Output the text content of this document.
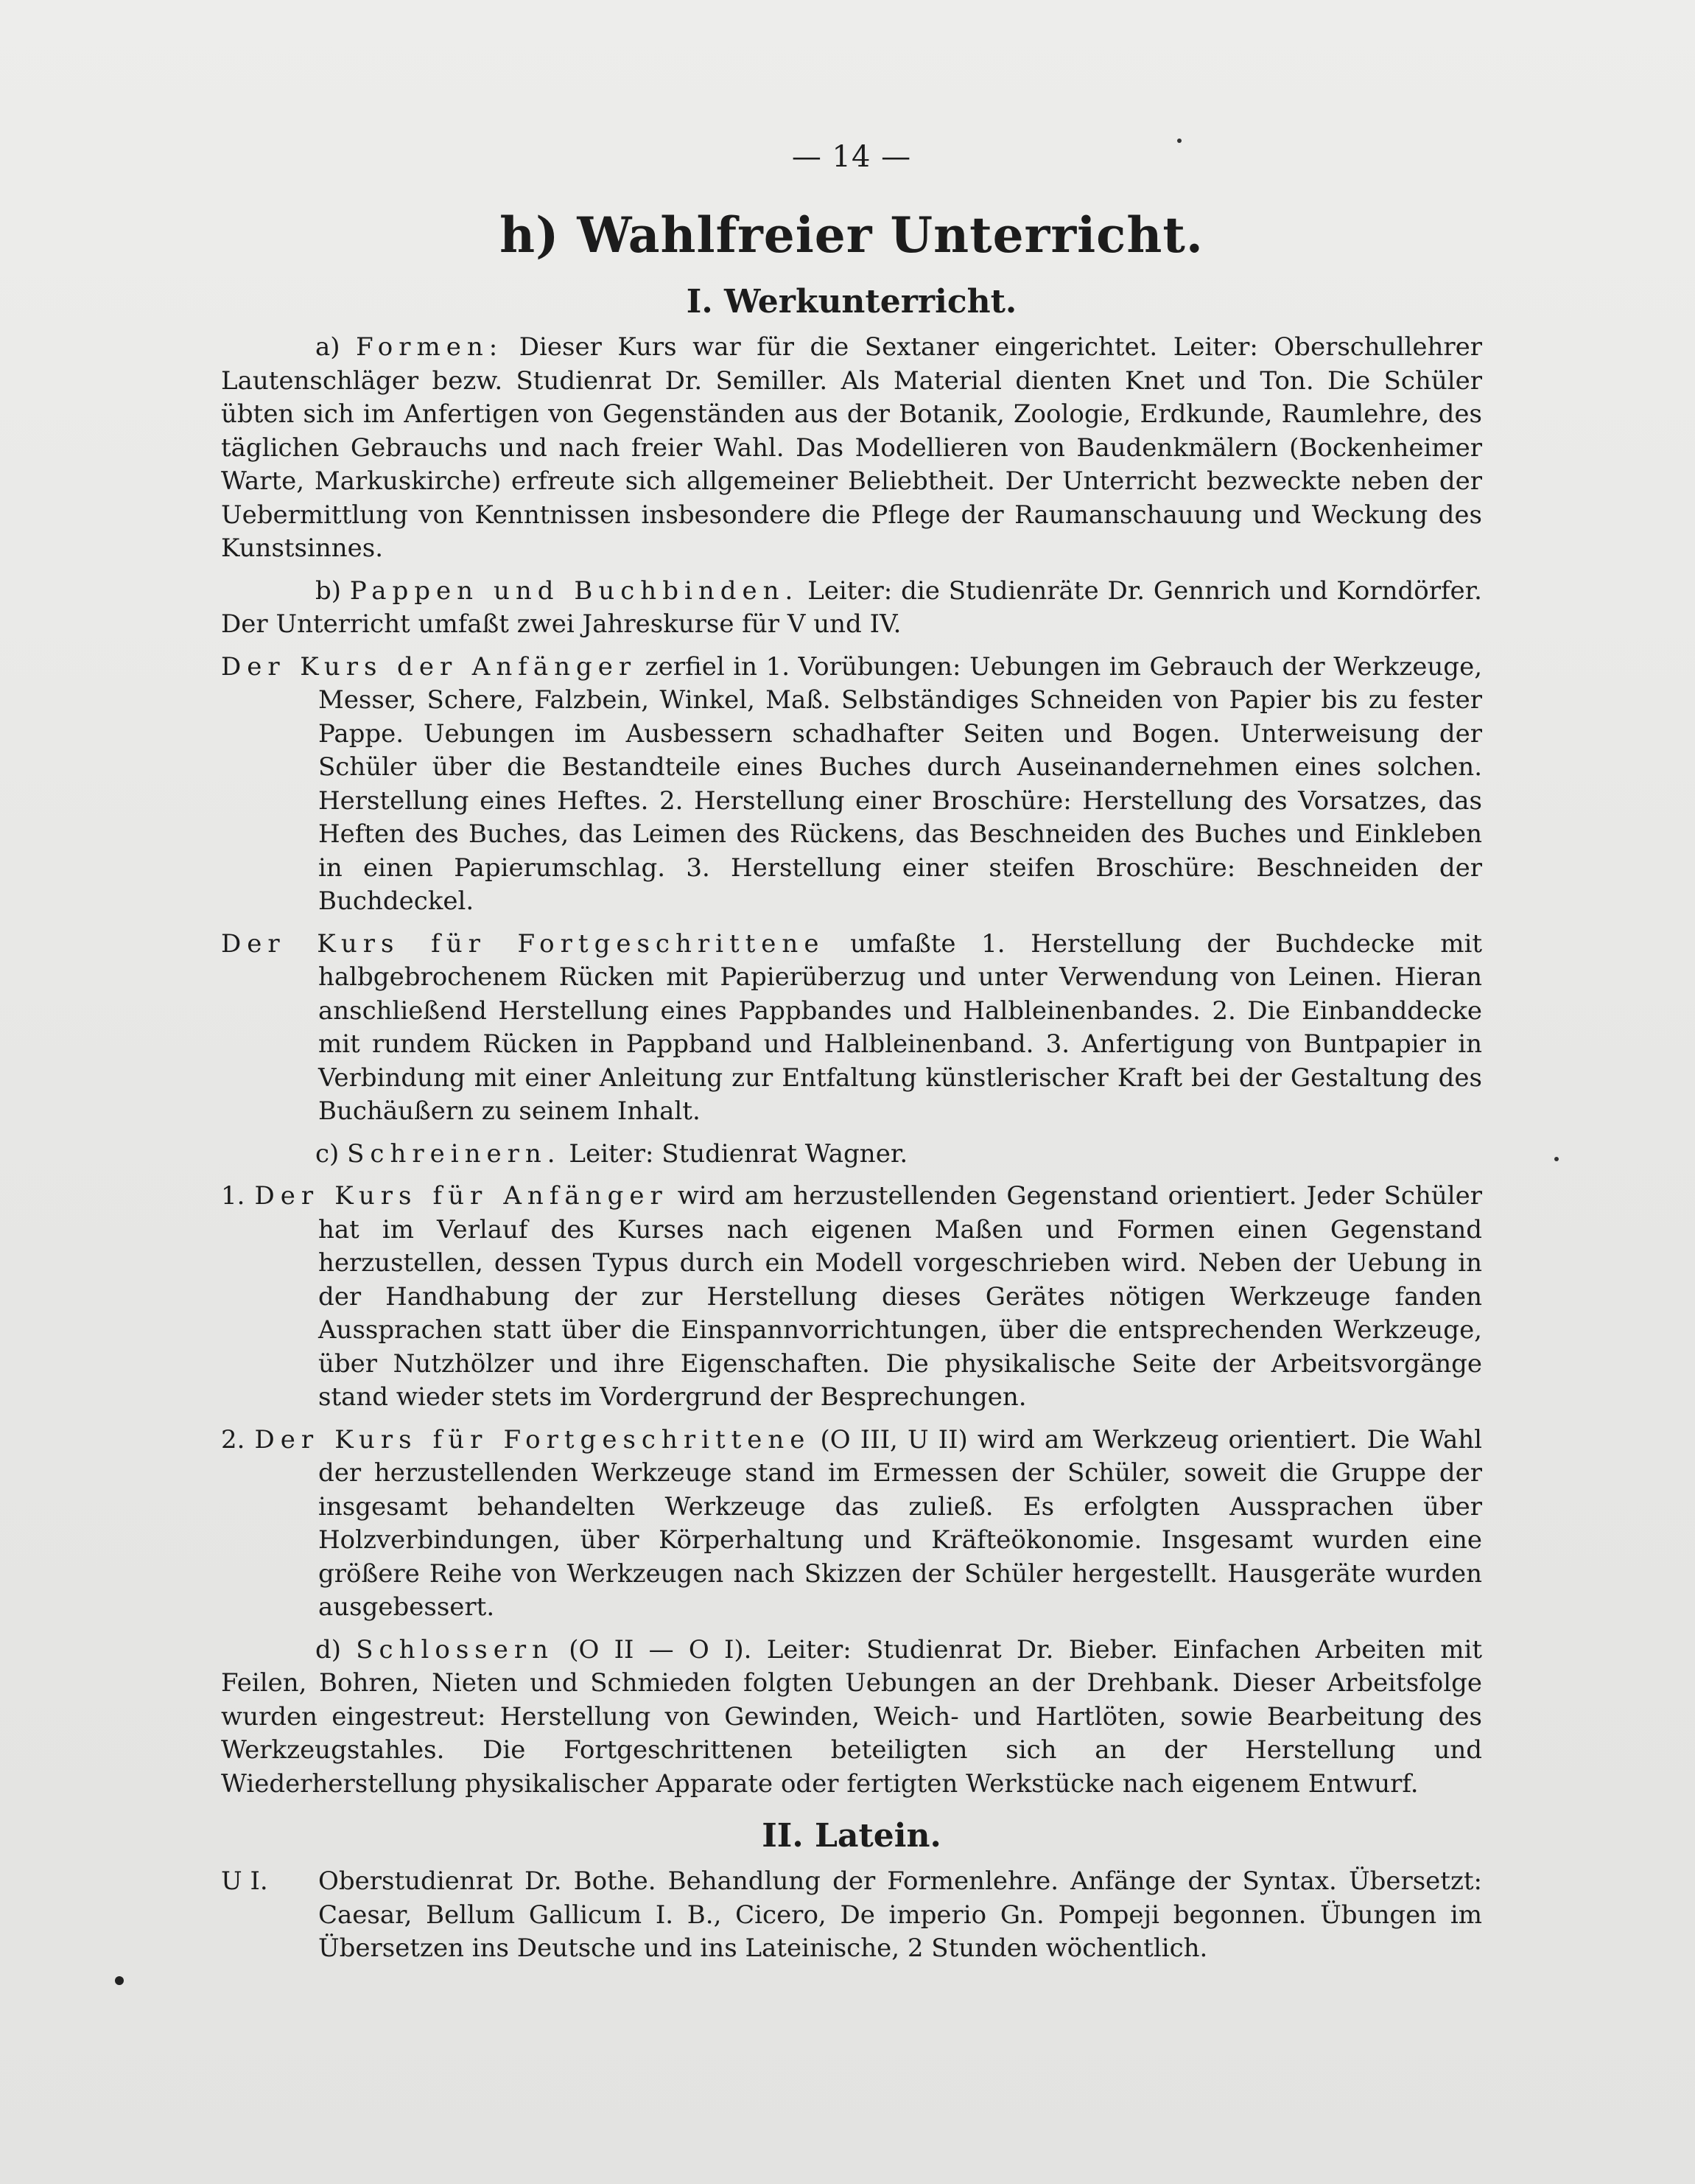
— 14 —
h) Wahlfreier Unterricht.
I. Werkunterricht.

a) Formen: Dieser Kurs war für die Sextaner eingerichtet. Leiter: Oberschullehrer Lautenschläger bezw. Studienrat Dr. Semiller. Als Material dienten Knet und Ton. Die Schüler übten sich im Anfertigen von Gegenständen aus der Botanik, Zoologie, Erdkunde, Raumlehre, des täglichen Gebrauchs und nach freier Wahl. Das Modellieren von Baudenkmälern (Bockenheimer Warte, Markuskirche) erfreute sich allgemeiner Beliebtheit. Der Unterricht bezweckte neben der Uebermittlung von Kenntnissen insbesondere die Pflege der Raumanschauung und Weckung des Kunstsinnes.

b) Pappen und Buchbinden. Leiter: die Studienräte Dr. Gennrich und Korndörfer. Der Unterricht umfaßt zwei Jahreskurse für V und IV.

Der Kurs der Anfänger zerfiel in 1. Vorübungen: Uebungen im Gebrauch der Werkzeuge, Messer, Schere, Falzbein, Winkel, Maß. Selbständiges Schneiden von Papier bis zu fester Pappe. Uebungen im Ausbessern schadhafter Seiten und Bogen. Unterweisung der Schüler über die Bestandteile eines Buches durch Auseinandernehmen eines solchen. Herstellung eines Heftes. 2. Herstellung einer Broschüre: Herstellung des Vorsatzes, das Heften des Buches, das Leimen des Rückens, das Beschneiden des Buches und Einkleben in einen Papierumschlag. 3. Herstellung einer steifen Broschüre: Beschneiden der Buchdeckel.

Der Kurs für Fortgeschrittene umfaßte 1. Herstellung der Buchdecke mit halbgebrochenem Rücken mit Papierüberzug und unter Verwendung von Leinen. Hieran anschließend Herstellung eines Pappbandes und Halbleinenbandes. 2. Die Einbanddecke mit rundem Rücken in Pappband und Halbleinenband. 3. Anfertigung von Buntpapier in Verbindung mit einer Anleitung zur Entfaltung künstlerischer Kraft bei der Gestaltung des Buchäußern zu seinem Inhalt.

c) Schreinern. Leiter: Studienrat Wagner.

1. Der Kurs für Anfänger wird am herzustellenden Gegenstand orientiert. Jeder Schüler hat im Verlauf des Kurses nach eigenen Maßen und Formen einen Gegenstand herzustellen, dessen Typus durch ein Modell vorgeschrieben wird. Neben der Uebung in der Handhabung der zur Herstellung dieses Gerätes nötigen Werkzeuge fanden Aussprachen statt über die Einspannvorrichtungen, über die entsprechenden Werkzeuge, über Nutzhölzer und ihre Eigenschaften. Die physikalische Seite der Arbeitsvorgänge stand wieder stets im Vordergrund der Besprechungen.

2. Der Kurs für Fortgeschrittene (O III, U II) wird am Werkzeug orientiert. Die Wahl der herzustellenden Werkzeuge stand im Ermessen der Schüler, soweit die Gruppe der insgesamt behandelten Werkzeuge das zuließ. Es erfolgten Aussprachen über Holzverbindungen, über Körperhaltung und Kräfteökonomie. Insgesamt wurden eine größere Reihe von Werkzeugen nach Skizzen der Schüler hergestellt. Hausgeräte wurden ausgebessert.

d) Schlossern (O II — O I). Leiter: Studienrat Dr. Bieber. Einfachen Arbeiten mit Feilen, Bohren, Nieten und Schmieden folgten Uebungen an der Drehbank. Dieser Arbeitsfolge wurden eingestreut: Herstellung von Gewinden, Weich- und Hartlöten, sowie Bearbeitung des Werkzeugstahles. Die Fortgeschrittenen beteiligten sich an der Herstellung und Wiederherstellung physikalischer Apparate oder fertigten Werkstücke nach eigenem Entwurf.

II. Latein.
U I.	Oberstudienrat Dr. Bothe. Behandlung der Formenlehre. Anfänge der Syntax. Übersetzt: Caesar, Bellum Gallicum I. B., Cicero, De imperio Gn. Pompeji begonnen. Übungen im Übersetzen ins Deutsche und ins Lateinische, 2 Stunden wöchentlich.
